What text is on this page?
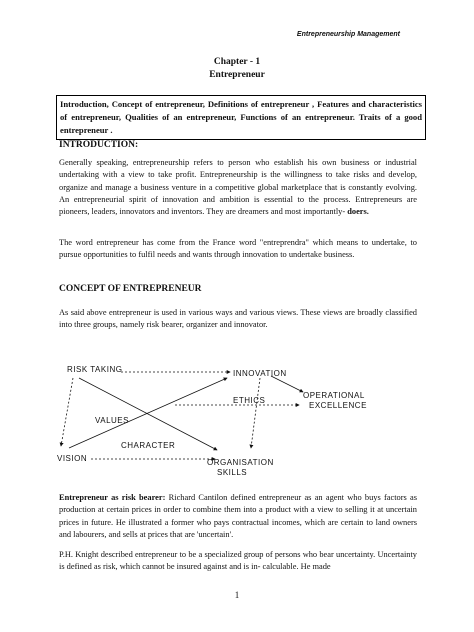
Entrepreneurship Management
Chapter - 1
Entrepreneur
Introduction, Concept of entrepreneur, Definitions of entrepreneur , Features and characteristics of entrepreneur, Qualities of an entrepreneur, Functions of an entrepreneur. Traits of a good entrepreneur .
INTRODUCTION:
Generally speaking, entrepreneurship refers to person who establish his own business or industrial undertaking with a view to take profit. Entrepreneurship is the willingness to take risks and develop, organize and manage a business venture in a competitive global marketplace that is constantly evolving. An entrepreneurial spirit of innovation and ambition is essential to the process. Entrepreneurs are pioneers, leaders, innovators and inventors. They are dreamers and most importantly- doers.
The word entrepreneur has come from the France word "entreprendra" which means to undertake, to pursue opportunities to fulfil needs and wants through innovation to undertake business.
CONCEPT OF ENTREPRENEUR
As said above entrepreneur is used in various ways and various views. These views are broadly classified into three groups, namely risk bearer, organizer and innovator.
RISK TAKING	INNOVATION
OPERATIONAL
EXCELLENCE
ETHICS
VALUES
CHARACTER
VISION	ORGANISATION
SKILLS
Entrepreneur as risk bearer: Richard Cantilon defined entrepreneur as an agent who buys factors as production at certain prices in order to combine them into a product with a view to selling it at uncertain prices in future. He illustrated a former who pays contractual incomes, which are certain to land owners and labourers, and sells at prices that are 'uncertain'.
P.H. Knight described entrepreneur to be a specialized group of persons who bear uncertainty. Uncertainty is defined as risk, which cannot be insured against and is in- calculable. He made
1
